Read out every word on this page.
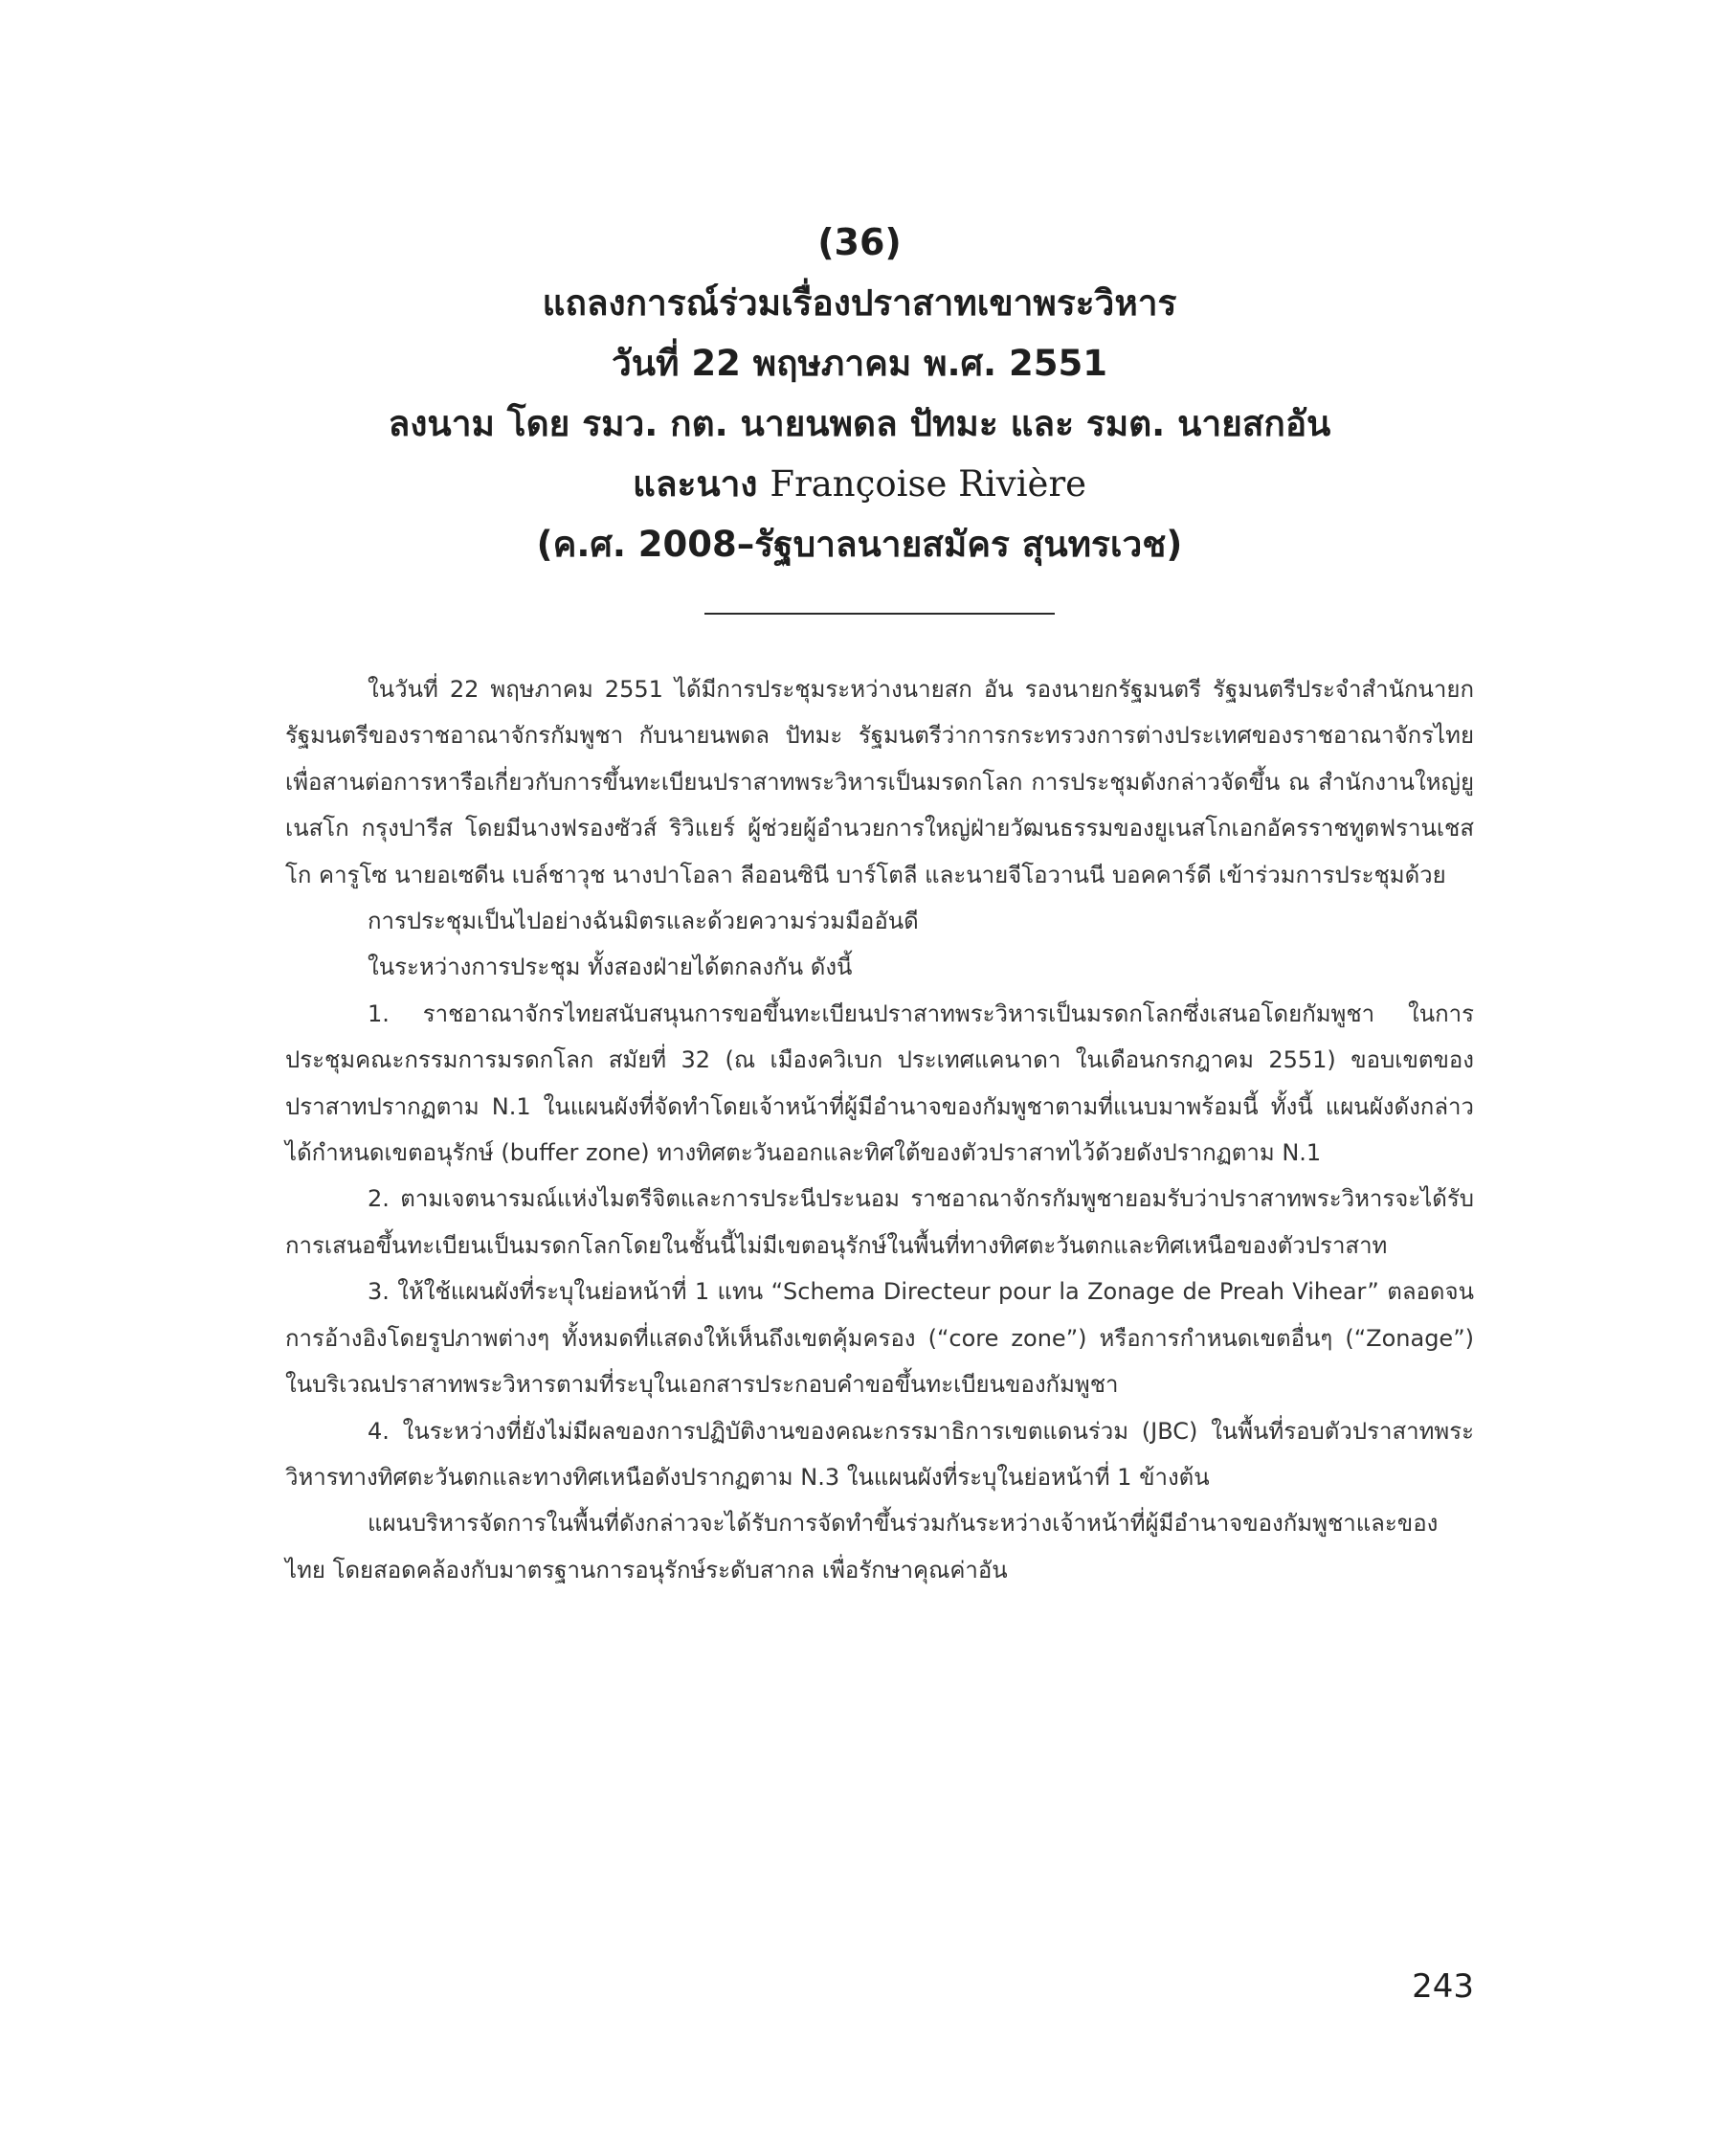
(36)
แถลงการณ์ร่วมเรื่องปราสาทเขาพระวิหาร
วันที่ 22 พฤษภาคม พ.ศ. 2551
ลงนาม โดย รมว. กต. นายนพดล ปัทมะ และ รมต. นายสกอัน
และนาง Françoise Rivière
(ค.ศ. 2008–รัฐบาลนายสมัคร สุนทรเวช)

ในวันที่ 22 พฤษภาคม 2551 ได้มีการประชุมระหว่างนายสก อัน รองนายกรัฐมนตรี รัฐมนตรีประจำสำนักนายกรัฐมนตรีของราชอาณาจักรกัมพูชา กับนายนพดล ปัทมะ รัฐมนตรีว่าการกระทรวงการต่างประเทศของราชอาณาจักรไทย เพื่อสานต่อการหารือเกี่ยวกับการขึ้นทะเบียนปราสาทพระวิหารเป็นมรดกโลก การประชุมดังกล่าวจัดขึ้น ณ สำนักงานใหญ่ยูเนสโก กรุงปารีส โดยมีนางฟรองซัวส์ ริวิแยร์ ผู้ช่วยผู้อำนวยการใหญ่ฝ่ายวัฒนธรรมของยูเนสโกเอกอัครราชทูตฟรานเชสโก คารูโซ นายอเซดีน เบล์ชาวุช นางปาโอลา ลีออนซินี บาร์โตลี และนายจีโอวานนี บอคคาร์ดี เข้าร่วมการประชุมด้วย

การประชุมเป็นไปอย่างฉันมิตรและด้วยความร่วมมืออันดี

ในระหว่างการประชุม ทั้งสองฝ่ายได้ตกลงกัน ดังนี้

1. ราชอาณาจักรไทยสนับสนุนการขอขึ้นทะเบียนปราสาทพระวิหารเป็นมรดกโลกซึ่งเสนอโดยกัมพูชา ในการประชุมคณะกรรมการมรดกโลก สมัยที่ 32 (ณ เมืองควิเบก ประเทศแคนาดา ในเดือนกรกฎาคม 2551) ขอบเขตของปราสาทปรากฏตาม N.1 ในแผนผังที่จัดทำโดยเจ้าหน้าที่ผู้มีอำนาจของกัมพูชาตามที่แนบมาพร้อมนี้ ทั้งนี้ แผนผังดังกล่าวได้กำหนดเขตอนุรักษ์ (buffer zone) ทางทิศตะวันออกและทิศใต้ของตัวปราสาทไว้ด้วยดังปรากฏตาม N.1

2. ตามเจตนารมณ์แห่งไมตรีจิตและการประนีประนอม ราชอาณาจักรกัมพูชายอมรับว่าปราสาทพระวิหารจะได้รับการเสนอขึ้นทะเบียนเป็นมรดกโลกโดยในชั้นนี้ไม่มีเขตอนุรักษ์ในพื้นที่ทางทิศตะวันตกและทิศเหนือของตัวปราสาท

3. ให้ใช้แผนผังที่ระบุในย่อหน้าที่ 1 แทน “Schema Directeur pour la Zonage de Preah Vihear” ตลอดจนการอ้างอิงโดยรูปภาพต่างๆ ทั้งหมดที่แสดงให้เห็นถึงเขตคุ้มครอง (“core zone”) หรือการกำหนดเขตอื่นๆ (“Zonage”) ในบริเวณปราสาทพระวิหารตามที่ระบุในเอกสารประกอบคำขอขึ้นทะเบียนของกัมพูชา

4. ในระหว่างที่ยังไม่มีผลของการปฏิบัติงานของคณะกรรมาธิการเขตแดนร่วม (JBC) ในพื้นที่รอบตัวปราสาทพระวิหารทางทิศตะวันตกและทางทิศเหนือดังปรากฏตาม N.3 ในแผนผังที่ระบุในย่อหน้าที่ 1 ข้างต้น

แผนบริหารจัดการในพื้นที่ดังกล่าวจะได้รับการจัดทำขึ้นร่วมกันระหว่างเจ้าหน้าที่ผู้มีอำนาจของกัมพูชาและของไทย โดยสอดคล้องกับมาตรฐานการอนุรักษ์ระดับสากล เพื่อรักษาคุณค่าอัน

243
